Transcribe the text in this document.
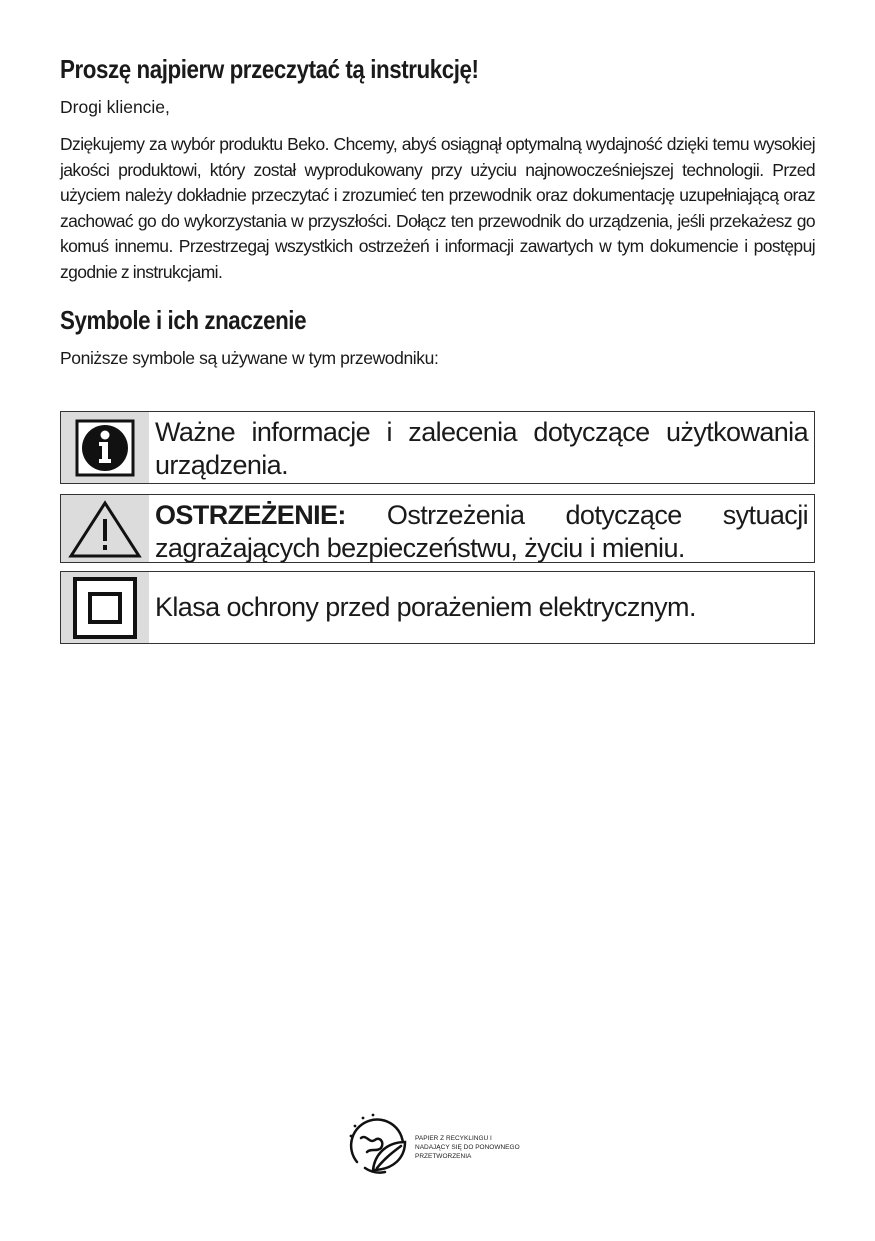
Proszę najpierw przeczytać tą instrukcję!

Drogi kliencie,

Dziękujemy za wybór produktu Beko. Chcemy, abyś osiągnął optymalną wydajność dzięki temu wysokiej jakości produktowi, który został wyprodukowany przy użyciu najnowocześniejszej technologii. Przed użyciem należy dokładnie przeczytać i zrozumieć ten przewodnik oraz dokumentację uzupełniającą oraz zachować go do wykorzystania w przyszłości. Dołącz ten przewodnik do urządzenia, jeśli przekażesz go komuś innemu. Przestrzegaj wszystkich ostrzeżeń i informacji zawartych w tym dokumencie i postępuj zgodnie z instrukcjami.

Symbole i ich znaczenie

Poniższe symbole są używane w tym przewodniku:

Ważne informacje i zalecenia dotyczące użytkowania urządzenia.
OSTRZEŻENIE: Ostrzeżenia dotyczące sytuacji zagrażających bezpieczeństwu, życiu i mieniu.
Klasa ochrony przed porażeniem elektrycznym.
PAPIER Z RECYKLINGU I
NADAJĄCY SIĘ DO PONOWNEGO
PRZETWORZENIA
